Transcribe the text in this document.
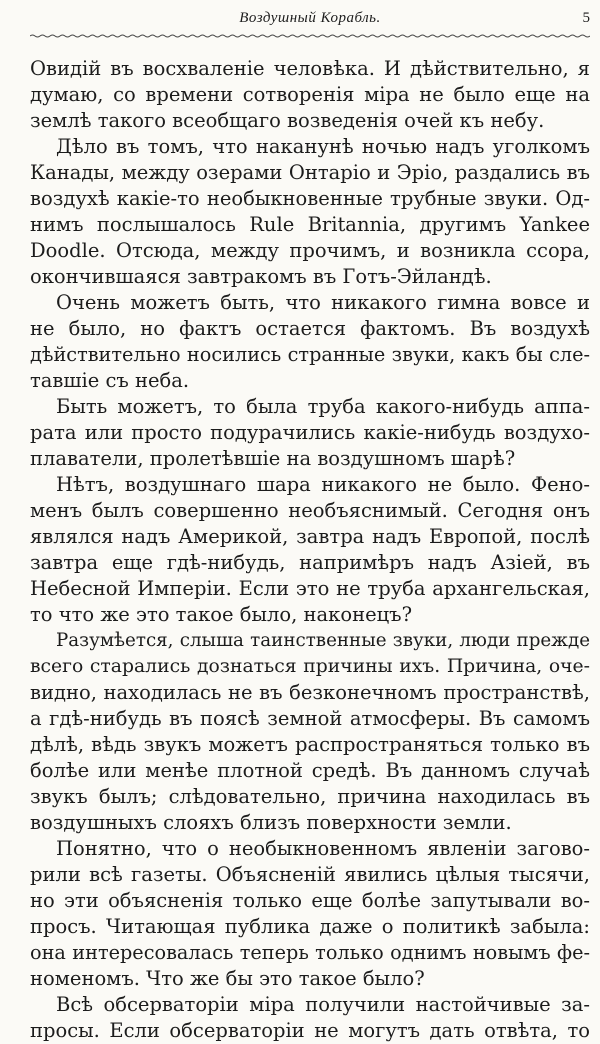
Воздушный Корабль.	5
Овидій въ восхваленіе человѣка. И дѣйствительно, я
думаю, со времени сотворенія міра не было еще на
землѣ такого всеобщаго возведенія очей къ небу.
Дѣло въ томъ, что наканунѣ ночью надъ уголкомъ
Канады, между озерами Онтаріо и Эріо, раздались въ
воздухѣ какіе-то необыкновенные трубные звуки. Од-
нимъ послышалось Rule Britannia, другимъ Yankee
Doodle. Отсюда, между прочимъ, и возникла ссора,
окончившаяся завтракомъ въ Готъ-Эйландѣ.
Очень можетъ быть, что никакого гимна вовсе и
не было, но фактъ остается фактомъ. Въ воздухѣ
дѣйствительно носились странные звуки, какъ бы сле-
тавшіе съ неба.
Быть можетъ, то была труба какого-нибудь аппа-
рата или просто подурачились какіе-нибудь воздухо-
плаватели, пролетѣвшіе на воздушномъ шарѣ?
Нѣтъ, воздушнаго шара никакого не было. Фено-
менъ былъ совершенно необъяснимый. Сегодня онъ
являлся надъ Америкой, завтра надъ Европой, послѣ
завтра еще гдѣ-нибудь, напримѣръ надъ Азіей, въ
Небесной Имперіи. Если это не труба архангельская,
то что же это такое было, наконецъ?
Разумѣется, слыша таинственные звуки, люди прежде
всего старались дознаться причины ихъ. Причина, оче-
видно, находилась не въ безконечномъ пространствѣ,
а гдѣ-нибудь въ поясѣ земной атмосферы. Въ самомъ
дѣлѣ, вѣдь звукъ можетъ распространяться только въ
болѣе или менѣе плотной средѣ. Въ данномъ случаѣ
звукъ былъ; слѣдовательно, причина находилась въ
воздушныхъ слояхъ близъ поверхности земли.
Понятно, что о необыкновенномъ явленіи загово-
рили всѣ газеты. Объясненій явились цѣлыя тысячи,
но эти объясненія только еще болѣе запутывали во-
просъ. Читающая публика даже о политикѣ забыла:
она интересовалась теперь только однимъ новымъ фе-
номеномъ. Что же бы это такое было?
Всѣ обсерваторіи міра получили настойчивые за-
просы. Если обсерваторіи не могутъ дать отвѣта, то
